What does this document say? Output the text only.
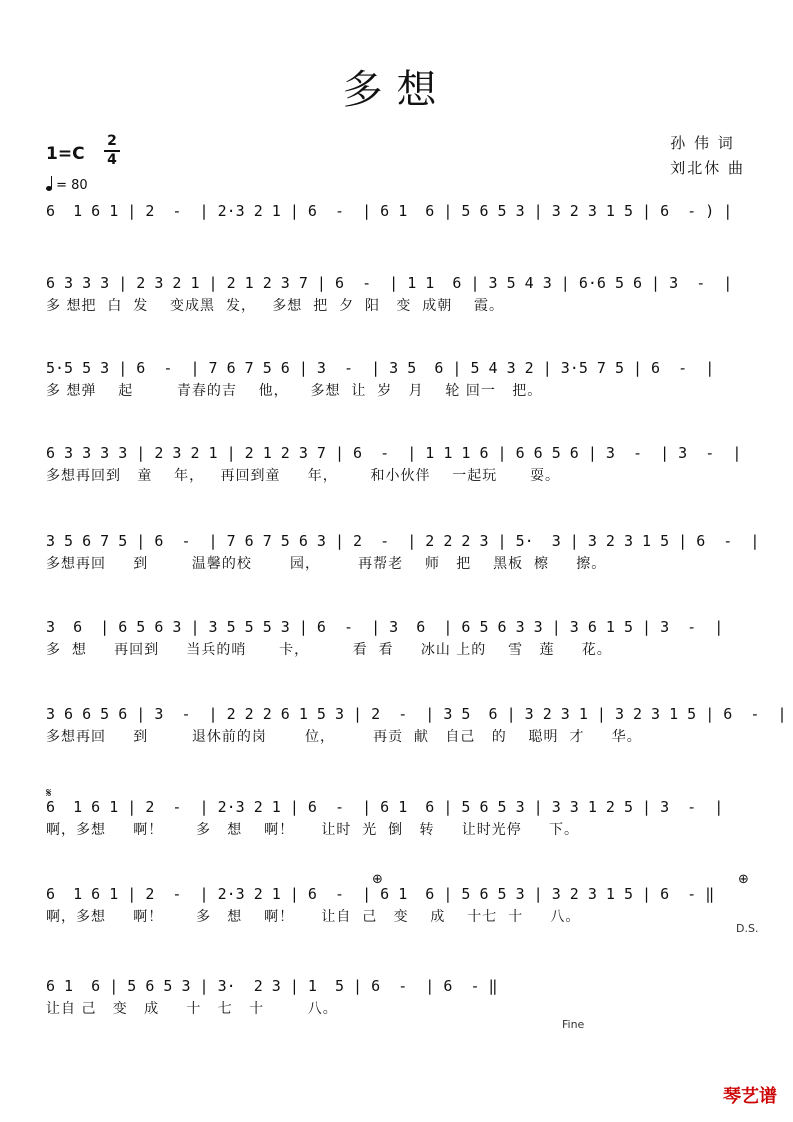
多想
1=C
2
4
= 80
孙 伟 词
刘北休 曲
6  1 6 1 | 2  -  | 2·3 2 1 | 6  -  | 6 1  6 | 5 6 5 3 | 3 2 3 1 5 | 6  - ) |
6 3 3 3 | 2 3 2 1 | 2 1 2 3 7 | 6  -  | 1 1  6 | 3 5 4 3 | 6·6 5 6 | 3  -  |
多 想把  白  发    变成黑  发，   多想  把  夕  阳   变  成朝    霞。
5·5 5 3 | 6  -  | 7 6 7 5 6 | 3  -  | 3 5  6 | 5 4 3 2 | 3·5 7 5 | 6  -  |
多 想弹    起        青春的吉    他，    多想  让  岁   月    轮 回一   把。
6 3 3 3 3 | 2 3 2 1 | 2 1 2 3 7 | 6  -  | 1 1 1 6 | 6 6 5 6 | 3  -  | 3  -  |
多想再回到   童    年，   再回到童     年，      和小伙伴    一起玩      耍。
3 5 6 7 5 | 6  -  | 7 6 7 5 6 3 | 2  -  | 2 2 2 3 | 5·  3 | 3 2 3 1 5 | 6  -  |
多想再回     到        温馨的校       园，       再帮老    师   把    黑板  檫     擦。
3  6  | 6 5 6 3 | 3 5 5 5 3 | 6  -  | 3  6  | 6 5 6 3 3 | 3 6 1 5 | 3  -  |
多  想     再回到     当兵的哨      卡，        看  看     冰山 上的    雪   莲     花。
3 6 6 5 6 | 3  -  | 2 2 2 6 1 5 3 | 2  -  | 3 5  6 | 3 2 3 1 | 3 2 3 1 5 | 6  -  |
多想再回     到        退休前的岗       位，       再贡  献   自己   的    聪明  才     华。
6  1 6 1 | 2  -  | 2·3 2 1 | 6  -  | 6 1  6 | 5 6 5 3 | 3 3 1 2 5 | 3  -  |
啊，多想     啊！      多   想    啊！     让时  光  倒   转     让时光停     下。
6  1 6 1 | 2  -  | 2·3 2 1 | 6  -  | 6 1  6 | 5 6 5 3 | 3 2 3 1 5 | 6  - ‖
啊，多想     啊！      多   想    啊！     让自  己   变    成    十七  十     八。
6 1  6 | 5 6 5 3 | 3·  2 3 | 1  5 | 6  -  | 6  - ‖
让自 己   变   成     十   七   十        八。
𝄋
⊕	⊕
D.S.
Fine
琴艺谱
